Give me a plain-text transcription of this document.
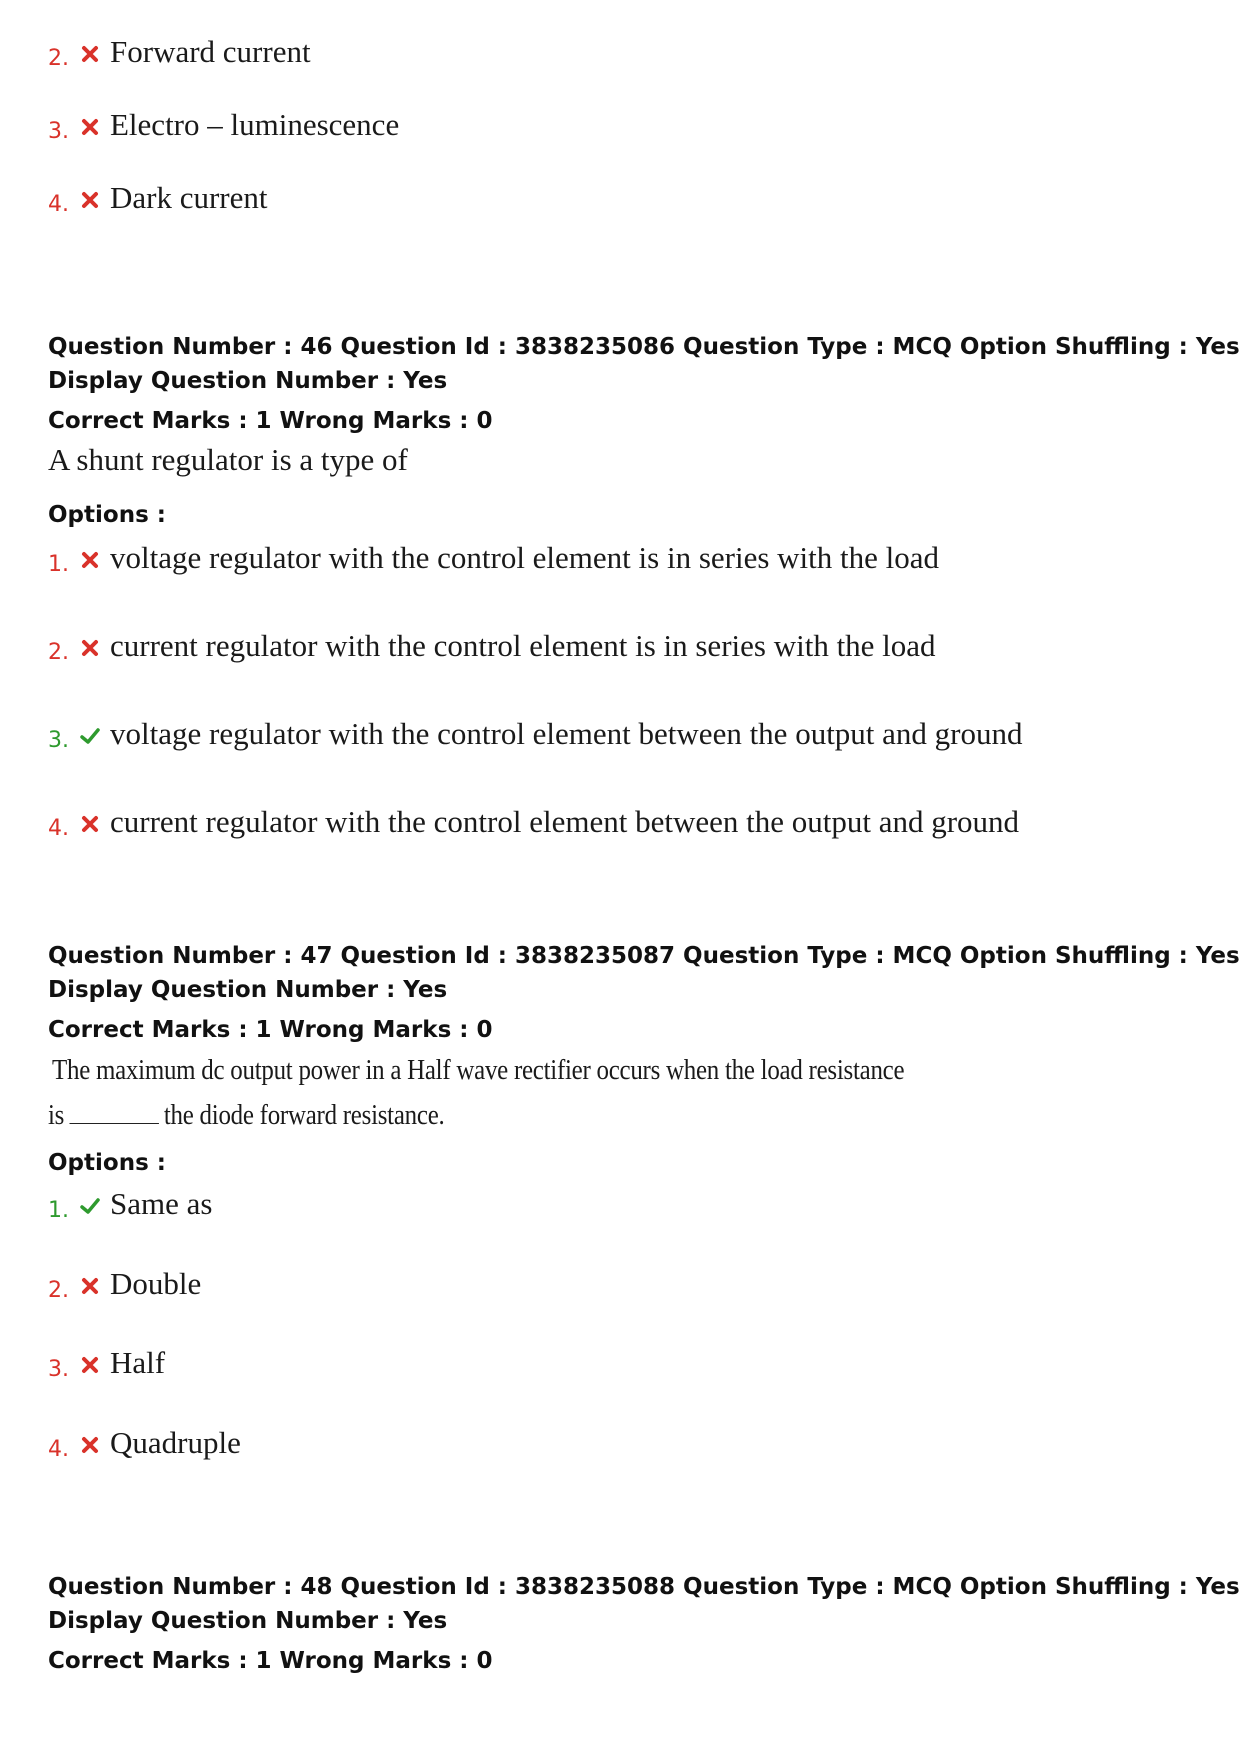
2. Forward current
3. Electro – luminescence
4. Dark current
Question Number : 46 Question Id : 3838235086 Question Type : MCQ Option Shuffling : Yes
Display Question Number : Yes
Correct Marks : 1 Wrong Marks : 0
A shunt regulator is a type of
Options :
1. voltage regulator with the control element is in series with the load
2. current regulator with the control element is in series with the load
3. voltage regulator with the control element between the output and ground
4. current regulator with the control element between the output and ground
Question Number : 47 Question Id : 3838235087 Question Type : MCQ Option Shuffling : Yes
Display Question Number : Yes
Correct Marks : 1 Wrong Marks : 0
The maximum dc output power in a Half wave rectifier occurs when the load resistance
is	the diode forward resistance.
Options :
1. Same as
2. Double
3. Half
4. Quadruple
Question Number : 48 Question Id : 3838235088 Question Type : MCQ Option Shuffling : Yes
Display Question Number : Yes
Correct Marks : 1 Wrong Marks : 0
